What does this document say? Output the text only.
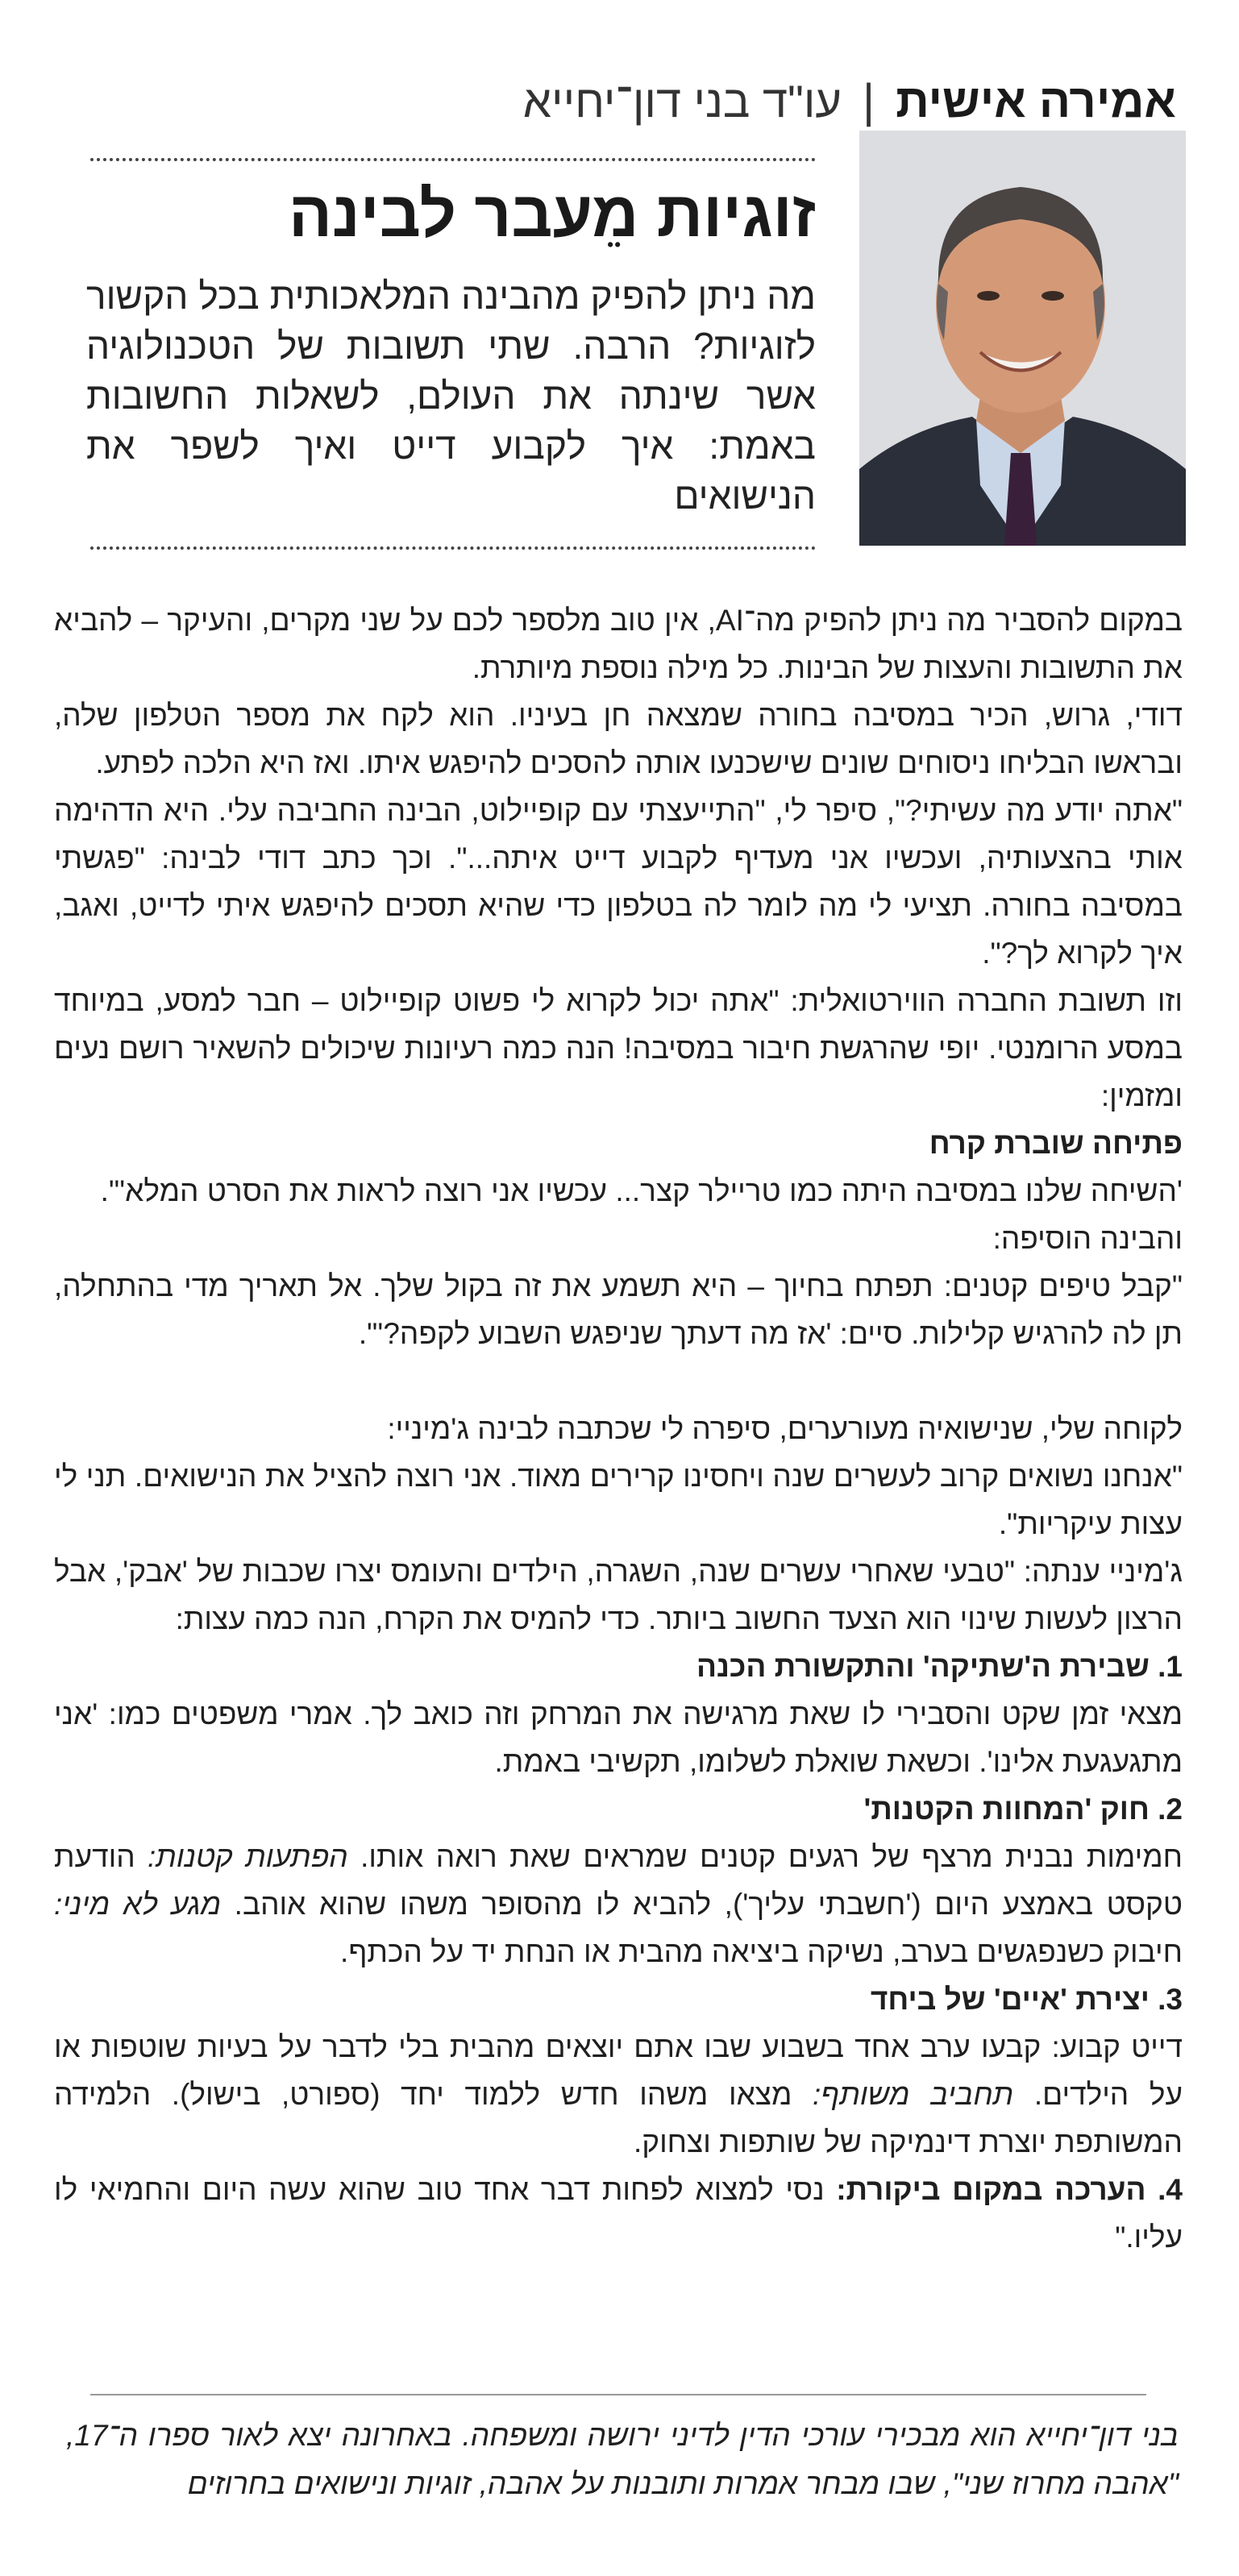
אמירה אישית
|
עו"ד בני דון־יחייא
זוגיות מֵעבר לבינה

מה ניתן להפיק מהבינה המלאכותית בכל הקשור לזוגיות? הרבה. שתי תשובות של הטכנולוגיה אשר שינתה את העולם, לשאלות החשובות באמת: איך לקבוע דייט ואיך לשפר את הנישואים

במקום להסביר מה ניתן להפיק מה־AI, אין טוב מלספר לכם על שני מקרים, והעיקר – להביא את התשובות והעצות של הבינות. כל מילה נוספת מיותרת.

דודי, גרוש, הכיר במסיבה בחורה שמצאה חן בעיניו. הוא לקח את מספר הטלפון שלה, ובראשו הבליחו ניסוחים שונים שישכנעו אותה להסכים להיפגש איתו. ואז היא הלכה לפתע.

"אתה יודע מה עשיתי?", סיפר לי, "התייעצתי עם קופיילוט, הבינה החביבה עלי. היא הדהימה אותי בהצעותיה, ועכשיו אני מעדיף לקבוע דייט איתה...". וכך כתב דודי לבינה: "פגשתי במסיבה בחורה. תציעי לי מה לומר לה בטלפון כדי שהיא תסכים להיפגש איתי לדייט, ואגב, איך לקרוא לך?".

וזו תשובת החברה הווירטואלית: "אתה יכול לקרוא לי פשוט קופיילוט – חבר למסע, במיוחד במסע הרומנטי. יופי שהרגשת חיבור במסיבה! הנה כמה רעיונות שיכולים להשאיר רושם נעים ומזמין:

פתיחה שוברת קרח

'השיחה שלנו במסיבה היתה כמו טריילר קצר... עכשיו אני רוצה לראות את הסרט המלא'".

והבינה הוסיפה:

"קבל טיפים קטנים: תפתח בחיוך – היא תשמע את זה בקול שלך. אל תאריך מדי בהתחלה, תן לה להרגיש קלילות. סיים: 'אז מה דעתך שניפגש השבוע לקפה?'".

לקוחה שלי, שנישואיה מעורערים, סיפרה לי שכתבה לבינה ג'מיניי:

"אנחנו נשואים קרוב לעשרים שנה ויחסינו קרירים מאוד. אני רוצה להציל את הנישואים. תני לי עצות עיקריות".

ג'מיניי ענתה: "טבעי שאחרי עשרים שנה, השגרה, הילדים והעומס יצרו שכבות של 'אבק', אבל הרצון לעשות שינוי הוא הצעד החשוב ביותר. כדי להמיס את הקרח, הנה כמה עצות:

1. שבירת ה'שתיקה' והתקשורת הכנה

מצאי זמן שקט והסבירי לו שאת מרגישה את המרחק וזה כואב לך. אמרי משפטים כמו: 'אני מתגעגעת אלינו'. וכשאת שואלת לשלומו, תקשיבי באמת.

2. חוק 'המחוות הקטנות'

חמימות נבנית מרצף של רגעים קטנים שמראים שאת רואה אותו. הפתעות קטנות: הודעת טקסט באמצע היום ('חשבתי עליך'), להביא לו מהסופר משהו שהוא אוהב. מגע לא מיני: חיבוק כשנפגשים בערב, נשיקה ביציאה מהבית או הנחת יד על הכתף.

3. יצירת 'איים' של ביחד

דייט קבוע: קבעו ערב אחד בשבוע שבו אתם יוצאים מהבית בלי לדבר על בעיות שוטפות או על הילדים. תחביב משותף: מצאו משהו חדש ללמוד יחד (ספורט, בישול). הלמידה המשותפת יוצרת דינמיקה של שותפות וצחוק.

4. הערכה במקום ביקורת: נסי למצוא לפחות דבר אחד טוב שהוא עשה היום והחמיאי לו עליו."

בני דון־יחייא הוא מבכירי עורכי הדין לדיני ירושה ומשפחה. באחרונה יצא לאור ספרו ה־17, "אהבה מחרוז שני", שבו מבחר אמרות ותובנות על אהבה, זוגיות ונישואים בחרוזים
